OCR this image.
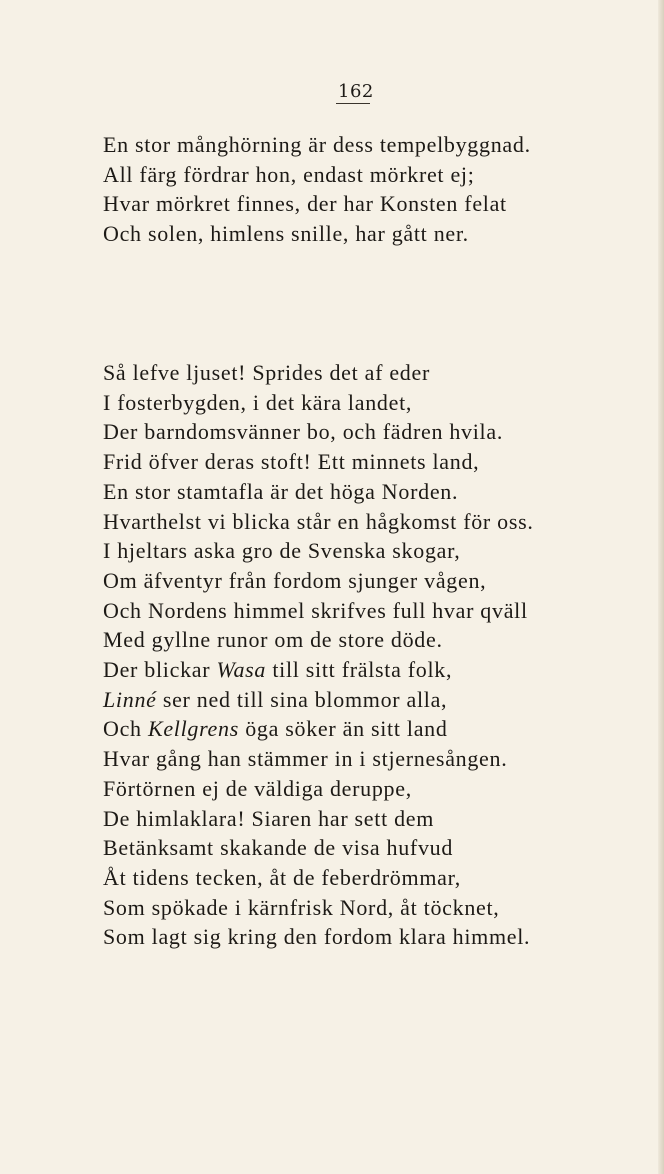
162

En stor månghörning är dess tempelbyggnad.

All färg fördrar hon, endast mörkret ej;

Hvar mörkret finnes, der har Konsten felat

Och solen, himlens snille, har gått ner.

Så lefve ljuset! Sprides det af eder

I fosterbygden, i det kära landet,

Der barndomsvänner bo, och fädren hvila.

Frid öfver deras stoft! Ett minnets land,

En stor stamtafla är det höga Norden.

Hvarthelst vi blicka står en hågkomst för oss.

I hjeltars aska gro de Svenska skogar,

Om äfventyr från fordom sjunger vågen,

Och Nordens himmel skrifves full hvar qväll

Med gyllne runor om de store döde.

Der blickar Wasa till sitt frälsta folk,

Linné ser ned till sina blommor alla,

Och Kellgrens öga söker än sitt land

Hvar gång han stämmer in i stjernesången.

Förtörnen ej de väldiga deruppe,

De himlaklara! Siaren har sett dem

Betänksamt skakande de visa hufvud

Åt tidens tecken, åt de feberdrömmar,

Som spökade i kärnfrisk Nord, åt töcknet,

Som lagt sig kring den fordom klara himmel.
